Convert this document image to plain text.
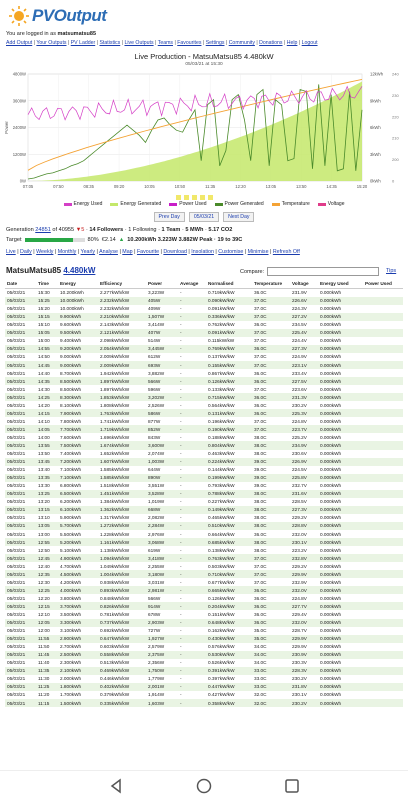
PVOutput
You are logged in as matsumatsu85
Add Output | Your Outputs | PV Ladder | Statistics | Live Outputs | Teams | Favourites | Settings | Community | Donations | Help | Logout
Live Production - MatsuMatsu85 4.480kW
05/03/21 at 15:30
0W	0kWh
1200W	3kWh
2400W	6kWh
3600W	9kWh
4800W	12kWh
07:05	07:50	08:35	09:20	10:05	10:50	11:35	12:20	13:05	13:50	14:35	15:20
Power
0
200
210
220
230
240
Energy Used	Energy Generated	Power Used	Power Generated	Temperature	Voltage
Prev Day	05/03/21	Next Day
Generation 24851 of 40955 ▼5 · 14 Followers · 1 Following · 1 Team · 5 MWh · 5.17 CO2
Target	80% €2.14 ▲ 10.200kWh 3.223W 3.882W Peak · 19 to 39C
Live | Daily | Weekly | Monthly | Yearly | Analyse | Map | Favourite | Download | Insolation | Customise | Minimise | Refresh Off
MatsuMatsu85 4.480kW	Compare:	Tips
Date	Time	Energy	Efficiency	Power	Average	Normalised	Temperature	Voltage	Energy Used	Power Used
05/03/21	15:30	10.200kWh	2.277kWh/kW	3,223W	-	0.719kW/kW	36.0C	231.9V	0.000kWh	
05/03/21	15:25	10.000kWh	2.232kWh/kW	405W	-	0.090kW/kW	37.0C	226.6V	0.000kWh	
05/03/21	15:20	10.000kWh	2.232kWh/kW	409W	-	0.091kW/kW	37.0C	224.3V	0.000kWh	
05/03/21	15:15	9.900kWh	2.210kWh/kW	1,507W	-	0.336kW/kW	37.0C	227.2V	0.000kWh	
05/03/21	15:10	9.600kWh	2.143kWh/kW	3,414W	-	0.762kW/kW	36.0C	234.5V	0.000kWh	
05/03/21	15:05	9.500kWh	2.121kWh/kW	407W	-	0.091kW/kW	37.0C	225.4V	0.000kWh	
05/03/21	15:00	9.400kWh	2.098kWh/kW	514W	-	0.115kW/kW	37.0C	224.4V	0.000kWh	
05/03/21	14:55	9.200kWh	2.054kWh/kW	3,445W	-	0.769kW/kW	36.0C	227.3V	0.000kWh	
05/03/21	14:50	9.000kWh	2.009kWh/kW	612W	-	0.137kW/kW	37.0C	224.9V	0.000kWh	
05/03/21	14:45	9.000kWh	2.009kWh/kW	693W	-	0.155kW/kW	37.0C	223.1V	0.000kWh	
05/03/21	14:40	8.700kWh	1.942kWh/kW	3,882W	-	0.867kW/kW	36.0C	233.4V	0.000kWh	
05/03/21	14:35	8.500kWh	1.897kWh/kW	566W	-	0.126kW/kW	36.0C	227.5V	0.000kWh	
05/03/21	14:30	8.500kWh	1.897kWh/kW	596W	-	0.133kW/kW	37.0C	223.6V	0.000kWh	
05/03/21	14:25	8.300kWh	1.853kWh/kW	3,202W	-	0.715kW/kW	36.0C	231.3V	0.000kWh	
05/03/21	14:20	8.100kWh	1.808kWh/kW	2,526W	-	0.564kW/kW	36.0C	230.2V	0.000kWh	
05/03/21	14:15	7.900kWh	1.763kWh/kW	586W	-	0.131kW/kW	36.0C	225.3V	0.000kWh	
05/03/21	14:10	7.800kWh	1.741kWh/kW	877W	-	0.196kW/kW	37.0C	224.8V	0.000kWh	
05/03/21	14:05	7.700kWh	1.719kWh/kW	852W	-	0.190kW/kW	37.0C	223.7V	0.000kWh	
05/03/21	14:00	7.600kWh	1.696kWh/kW	843W	-	0.188kW/kW	38.0C	225.2V	0.000kWh	
05/03/21	13:55	7.500kWh	1.674kWh/kW	3,600W	-	0.804kW/kW	38.0C	234.9V	0.000kWh	
05/03/21	13:50	7.400kWh	1.652kWh/kW	2,074W	-	0.463kW/kW	38.0C	230.6V	0.000kWh	
05/03/21	13:45	7.200kWh	1.607kWh/kW	1,003W	-	0.224kW/kW	39.0C	226.9V	0.000kWh	
05/03/21	13:40	7.100kWh	1.585kWh/kW	644W	-	0.144kW/kW	39.0C	224.5V	0.000kWh	
05/03/21	13:35	7.100kWh	1.585kWh/kW	890W	-	0.199kW/kW	39.0C	225.8V	0.000kWh	
05/03/21	13:30	6.800kWh	1.518kWh/kW	3,551W	-	0.793kW/kW	39.0C	232.7V	0.000kWh	
05/03/21	13:25	6.500kWh	1.451kWh/kW	3,528W	-	0.788kW/kW	38.0C	231.6V	0.000kWh	
05/03/21	13:20	6.200kWh	1.384kWh/kW	1,019W	-	0.227kW/kW	38.0C	228.5V	0.000kWh	
05/03/21	13:15	6.100kWh	1.362kWh/kW	668W	-	0.149kW/kW	38.0C	227.3V	0.000kWh	
05/03/21	13:10	5.900kWh	1.317kWh/kW	2,082W	-	0.465kW/kW	38.0C	229.2V	0.000kWh	
05/03/21	13:05	5.700kWh	1.272kWh/kW	2,284W	-	0.510kW/kW	38.0C	228.8V	0.000kWh	
05/03/21	13:00	5.500kWh	1.228kWh/kW	2,976W	-	0.664kW/kW	36.0C	232.0V	0.000kWh	
05/03/21	12:55	5.200kWh	1.161kWh/kW	3,068W	-	0.685kW/kW	38.0C	230.1V	0.000kWh	
05/03/21	12:50	5.100kWh	1.138kWh/kW	619W	-	0.138kW/kW	38.0C	223.2V	0.000kWh	
05/03/21	12:45	4.900kWh	1.094kWh/kW	3,418W	-	0.763kW/kW	37.0C	232.8V	0.000kWh	
05/03/21	12:40	4.700kWh	1.049kWh/kW	2,255W	-	0.503kW/kW	37.0C	229.2V	0.000kWh	
05/03/21	12:35	4.500kWh	1.004kWh/kW	3,180W	-	0.710kW/kW	37.0C	229.9V	0.000kWh	
05/03/21	12:30	4.200kWh	0.938kWh/kW	3,031W	-	0.677kW/kW	37.0C	232.9V	0.000kWh	
05/03/21	12:25	4.000kWh	0.893kWh/kW	2,981W	-	0.665kW/kW	36.0C	232.0V	0.000kWh	
05/03/21	12:20	3.800kWh	0.848kWh/kW	566W	-	0.126kW/kW	36.0C	224.8V	0.000kWh	
05/03/21	12:15	3.700kWh	0.826kWh/kW	914W	-	0.204kW/kW	36.0C	227.7V	0.000kWh	
05/03/21	12:10	3.500kWh	0.781kWh/kW	678W	-	0.151kW/kW	36.0C	229.4V	0.000kWh	
05/03/21	12:05	3.300kWh	0.737kWh/kW	2,903W	-	0.648kW/kW	36.0C	232.0V	0.000kWh	
05/03/21	12:00	3.100kWh	0.692kWh/kW	727W	-	0.162kW/kW	35.0C	228.7V	0.000kWh	
05/03/21	11:55	2.900kWh	0.647kWh/kW	1,927W	-	0.430kW/kW	35.0C	229.9V	0.000kWh	
05/03/21	11:50	2.700kWh	0.603kWh/kW	2,579W	-	0.576kW/kW	34.0C	229.9V	0.000kWh	
05/03/21	11:45	2.500kWh	0.558kWh/kW	2,375W	-	0.530kW/kW	34.0C	230.9V	0.000kWh	
05/03/21	11:40	2.300kWh	0.513kWh/kW	2,356W	-	0.526kW/kW	34.0C	230.3V	0.000kWh	
05/03/21	11:35	2.100kWh	0.469kWh/kW	1,750W	-	0.391kW/kW	33.0C	228.3V	0.000kWh	
05/03/21	11:30	2.000kWh	0.446kWh/kW	1,779W	-	0.397kW/kW	33.0C	230.2V	0.000kWh	
05/03/21	11:25	1.800kWh	0.402kWh/kW	2,001W	-	0.447kW/kW	33.0C	231.8V	0.000kWh	
05/03/21	11:20	1.700kWh	0.379kWh/kW	1,914W	-	0.427kW/kW	32.0C	230.1V	0.000kWh	
05/03/21	11:15	1.500kWh	0.335kWh/kW	1,603W	-	0.358kW/kW	32.0C	230.2V	0.000kWh	
